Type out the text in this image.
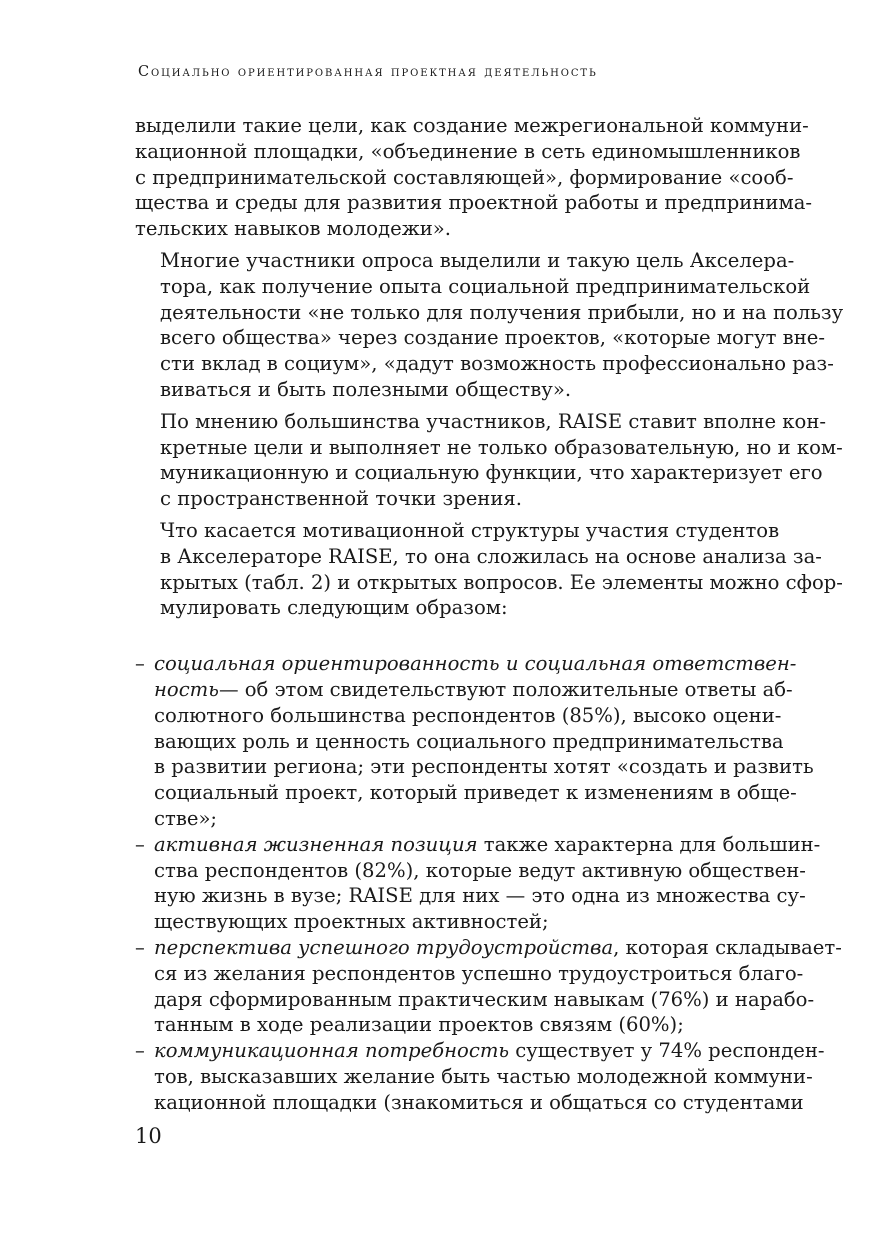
Социально ориентированная проектная деятельность

выделили такие цели, как создание межрегиональной коммуни-
кационной площадки, «объединение в сеть единомышленников
с предпринимательской составляющей», формирование «сооб-
щества и среды для развития проектной работы и предпринима-
тельских навыков молодежи».

Многие участники опроса выделили и такую цель Акселера-
тора, как получение опыта социальной предпринимательской
деятельности «не только для получения прибыли, но и на пользу
всего общества» через создание проектов, «которые могут вне-
сти вклад в социум», «дадут возможность профессионально раз-
виваться и быть полезными обществу».

По мнению большинства участников, RAISE ставит вполне кон-
кретные цели и выполняет не только образовательную, но и ком-
муникационную и социальную функции, что характеризует его
с пространственной точки зрения.

Что касается мотивационной структуры участия студентов
в Акселераторе RAISE, то она сложилась на основе анализа за-
крытых (табл. 2) и открытых вопросов. Ее элементы можно сфор-
мулировать следующим образом:

– социальная ориентированность и социальная ответствен-
ность— об этом свидетельствуют положительные ответы аб-
солютного большинства респондентов (85%), высоко оцени-
вающих роль и ценность социального предпринимательства
в развитии региона; эти респонденты хотят «создать и развить
социальный проект, который приведет к изменениям в обще-
стве»;
– активная жизненная позиция также характерна для большин-
ства респондентов (82%), которые ведут активную обществен-
ную жизнь в вузе; RAISE для них — это одна из множества су-
ществующих проектных активностей;
– перспектива успешного трудоустройства, которая складывает-
ся из желания респондентов успешно трудоустроиться благо-
даря сформированным практическим навыкам (76%) и нарабо-
танным в ходе реализации проектов связям (60%);
– коммуникационная потребность существует у 74% респонден-
тов, высказавших желание быть частью молодежной коммуни-
кационной площадки (знакомиться и общаться со студентами
10
